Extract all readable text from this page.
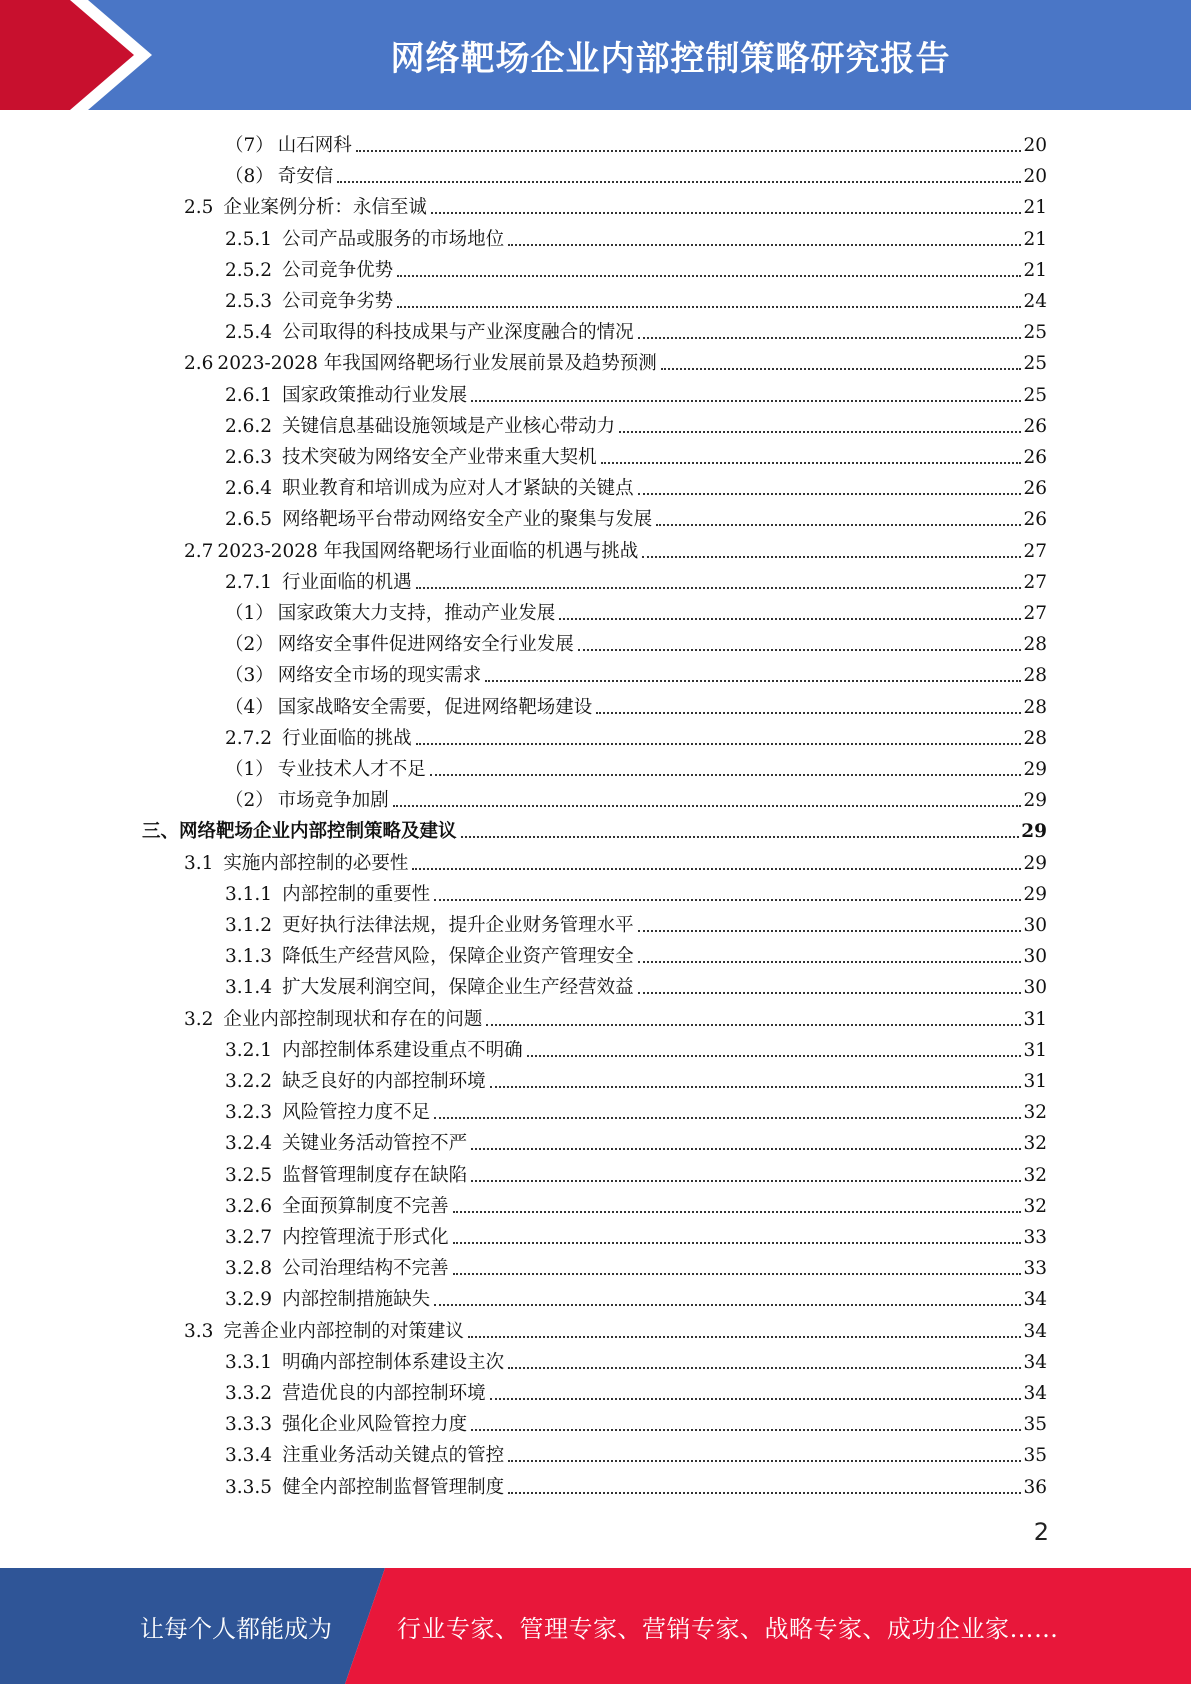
网络靶场企业内部控制策略研究报告
（7） 山石网科	20
（8） 奇安信	20
2.5 企业案例分析：永信至诚	21
2.5.1 公司产品或服务的市场地位	21
2.5.2 公司竞争优势	21
2.5.3 公司竞争劣势	24
2.5.4 公司取得的科技成果与产业深度融合的情况	25
2.6 2023-2028 年我国网络靶场行业发展前景及趋势预测	25
2.6.1 国家政策推动行业发展	25
2.6.2 关键信息基础设施领域是产业核心带动力	26
2.6.3 技术突破为网络安全产业带来重大契机	26
2.6.4 职业教育和培训成为应对人才紧缺的关键点	26
2.6.5 网络靶场平台带动网络安全产业的聚集与发展	26
2.7 2023-2028 年我国网络靶场行业面临的机遇与挑战	27
2.7.1 行业面临的机遇	27
（1） 国家政策大力支持，推动产业发展	27
（2） 网络安全事件促进网络安全行业发展	28
（3） 网络安全市场的现实需求	28
（4） 国家战略安全需要，促进网络靶场建设	28
2.7.2 行业面临的挑战	28
（1） 专业技术人才不足	29
（2） 市场竞争加剧	29
三、网络靶场企业内部控制策略及建议	29
3.1 实施内部控制的必要性	29
3.1.1 内部控制的重要性	29
3.1.2 更好执行法律法规，提升企业财务管理水平	30
3.1.3 降低生产经营风险，保障企业资产管理安全	30
3.1.4 扩大发展利润空间，保障企业生产经营效益	30
3.2 企业内部控制现状和存在的问题	31
3.2.1 内部控制体系建设重点不明确	31
3.2.2 缺乏良好的内部控制环境	31
3.2.3 风险管控力度不足	32
3.2.4 关键业务活动管控不严	32
3.2.5 监督管理制度存在缺陷	32
3.2.6 全面预算制度不完善	32
3.2.7 内控管理流于形式化	33
3.2.8 公司治理结构不完善	33
3.2.9 内部控制措施缺失	34
3.3 完善企业内部控制的对策建议	34
3.3.1 明确内部控制体系建设主次	34
3.3.2 营造优良的内部控制环境	34
3.3.3 强化企业风险管控力度	35
3.3.4 注重业务活动关键点的管控	35
3.3.5 健全内部控制监督管理制度	36
2
让每个人都能成为	行业专家、管理专家、营销专家、战略专家、成功企业家……
